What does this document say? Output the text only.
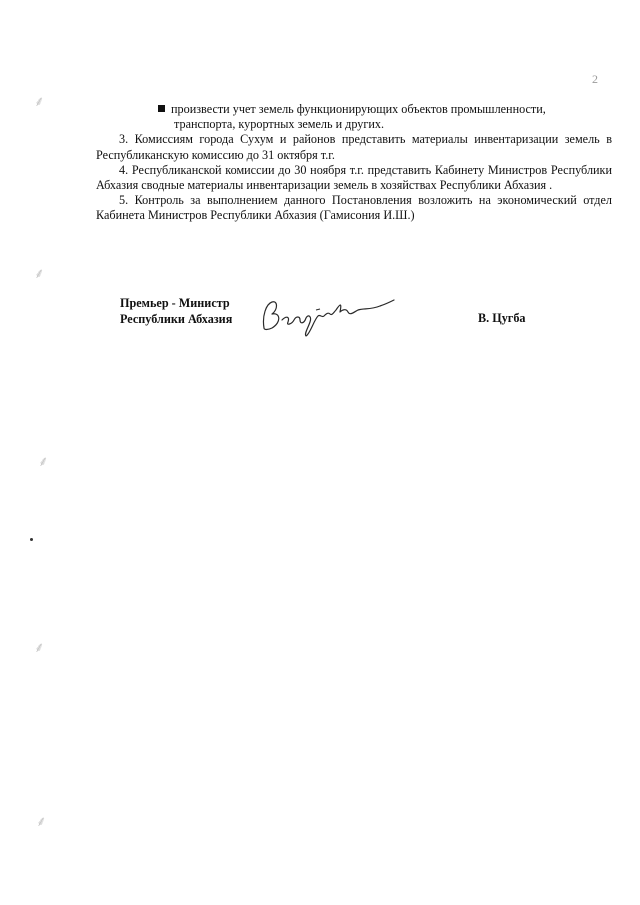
2
⸙
⸙
⸙
⸙
⸙
произвести учет земель функционирующих объектов промышленности,
транспорта, курортных земель и других.

3. Комиссиям города Сухум и районов представить материалы инвентаризации земель в Республиканскую комиссию до 31 октября т.г.

4. Республиканской комиссии до 30 ноября т.г. представить Кабинету Министров Республики Абхазия сводные материалы инвентаризации земель в хозяйствах Республики Абхазия .

5. Контроль за выполнением данного Постановления возложить на экономический отдел Кабинета Министров Республики Абхазия (Гамисония И.Ш.)

Премьер - Министр
Республики Абхазия	В. Цугба
